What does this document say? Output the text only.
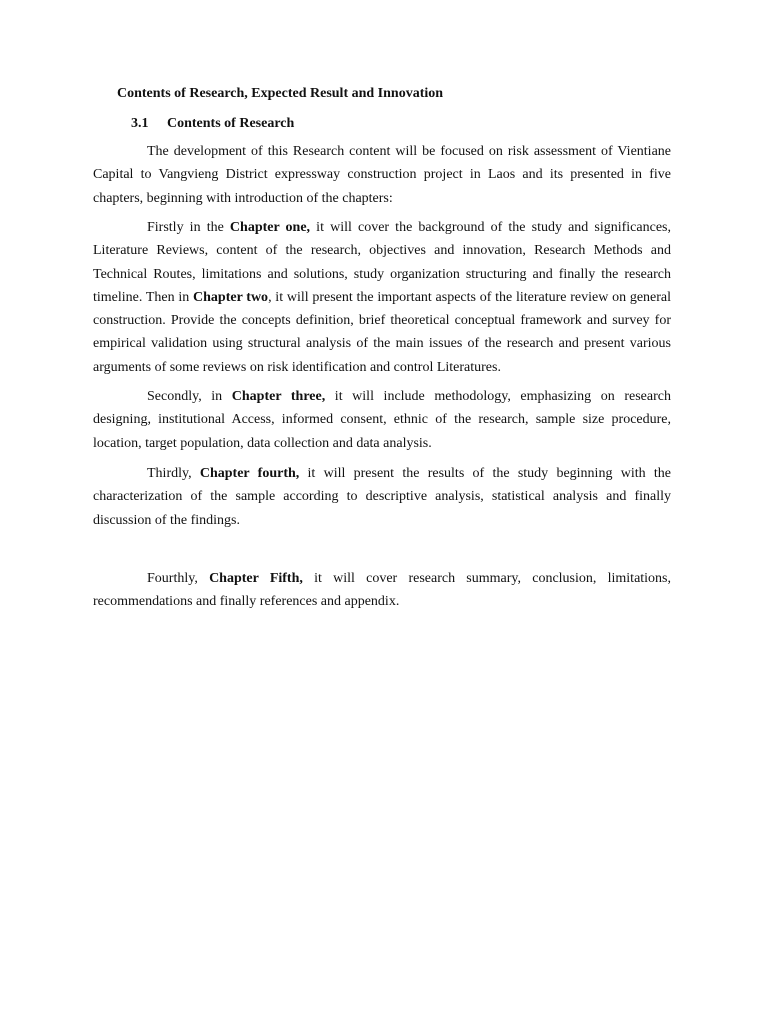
Contents of Research, Expected Result and Innovation
3.1 Contents of Research

The development of this Research content will be focused on risk assessment of Vientiane Capital to Vangvieng District expressway construction project in Laos and its presented in five chapters, beginning with introduction of the chapters:

Firstly in the Chapter one, it will cover the background of the study and significances, Literature Reviews, content of the research, objectives and innovation, Research Methods and Technical Routes, limitations and solutions, study organization structuring and finally the research timeline. Then in Chapter two, it will present the important aspects of the literature review on general construction. Provide the concepts definition, brief theoretical conceptual framework and survey for empirical validation using structural analysis of the main issues of the research and present various arguments of some reviews on risk identification and control Literatures.

Secondly, in Chapter three, it will include methodology, emphasizing on research designing, institutional Access, informed consent, ethnic of the research, sample size procedure, location, target population, data collection and data analysis.

Thirdly, Chapter fourth, it will present the results of the study beginning with the characterization of the sample according to descriptive analysis, statistical analysis and finally discussion of the findings.

Fourthly, Chapter Fifth, it will cover research summary, conclusion, limitations, recommendations and finally references and appendix.
